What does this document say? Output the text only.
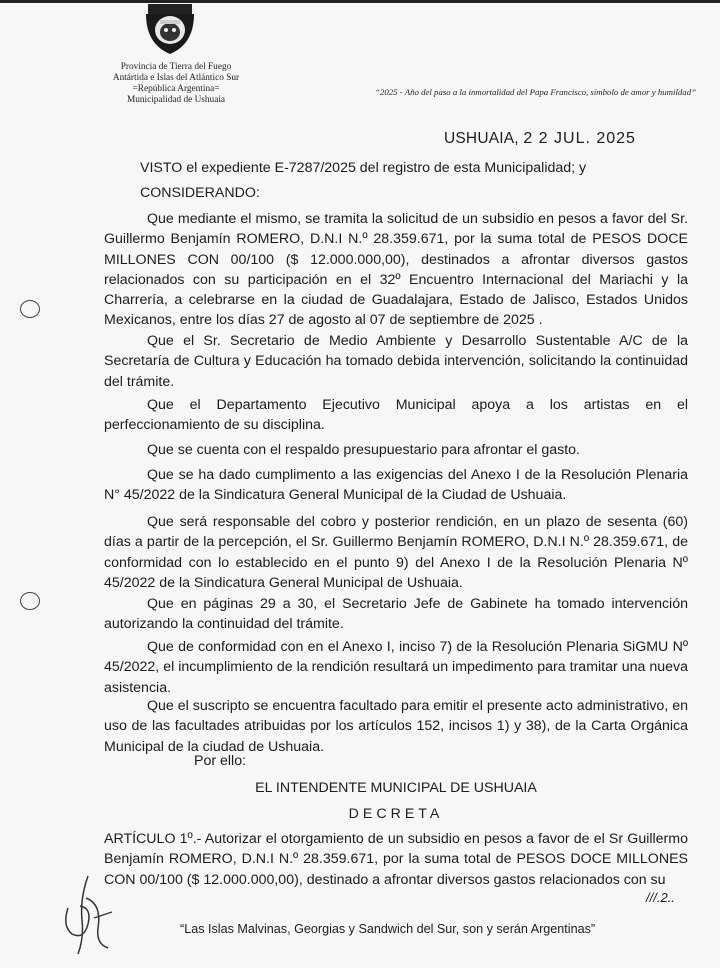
Provincia de Tierra del Fuego
Antártida e Islas del Atlántico Sur
=República Argentina=
Municipalidad de Ushuaia
“2025 - Año del paso a la inmortalidad del Papa Francisco, símbolo de amor y humildad”
USHUAIA, 2 2 JUL. 2025
VISTO el expediente E-7287/2025 del registro de esta Municipalidad; y
CONSIDERANDO:

Que mediante el mismo, se tramita la solicitud de un subsidio en pesos a favor del Sr. Guillermo Benjamín ROMERO, D.N.I N.º 28.359.671, por la suma total de PESOS DOCE MILLONES CON 00/100 ($ 12.000.000,00), destinados a afrontar diversos gastos relacionados con su participación en el 32º Encuentro Internacional del Mariachi y la Charrería, a celebrarse en la ciudad de Guadalajara, Estado de Jalisco, Estados Unidos Mexicanos, entre los días 27 de agosto al 07 de septiembre de 2025 .

Que el Sr. Secretario de Medio Ambiente y Desarrollo Sustentable A/C de la Secretaría de Cultura y Educación ha tomado debida intervención, solicitando la continuidad del trámite.

Que el Departamento Ejecutivo Municipal apoya a los artistas en el perfeccionamiento de su disciplina.

Que se cuenta con el respaldo presupuestario para afrontar el gasto.

Que se ha dado cumplimento a las exigencias del Anexo I de la Resolución Plenaria N° 45/2022 de la Sindicatura General Municipal de la Ciudad de Ushuaia.

Que será responsable del cobro y posterior rendición, en un plazo de sesenta (60) días a partir de la percepción, el Sr. Guillermo Benjamín ROMERO, D.N.I N.º 28.359.671, de conformidad con lo establecido en el punto 9) del Anexo I de la Resolución Plenaria Nº 45/2022 de la Sindicatura General Municipal de Ushuaia.

Que en páginas 29 a 30, el Secretario Jefe de Gabinete ha tomado intervención autorizando la continuidad del trámite.

Que de conformidad con en el Anexo I, inciso 7) de la Resolución Plenaria SiGMU Nº 45/2022, el incumplimiento de la rendición resultará un impedimento para tramitar una nueva asistencia.

Que el suscripto se encuentra facultado para emitir el presente acto administrativo, en uso de las facultades atribuidas por los artículos 152, incisos 1) y 38), de la Carta Orgánica Municipal de la ciudad de Ushuaia.

Por ello:
EL INTENDENTE MUNICIPAL DE USHUAIA
DECRETA

ARTÍCULO 1º.- Autorizar el otorgamiento de un subsidio en pesos a favor de el Sr Guillermo Benjamín ROMERO, D.N.I N.º 28.359.671, por la suma total de PESOS DOCE MILLONES CON 00/100 ($ 12.000.000,00), destinado a afrontar diversos gastos relacionados con su

///.2..
“Las Islas Malvinas, Georgias y Sandwich del Sur, son y serán Argentinas”
